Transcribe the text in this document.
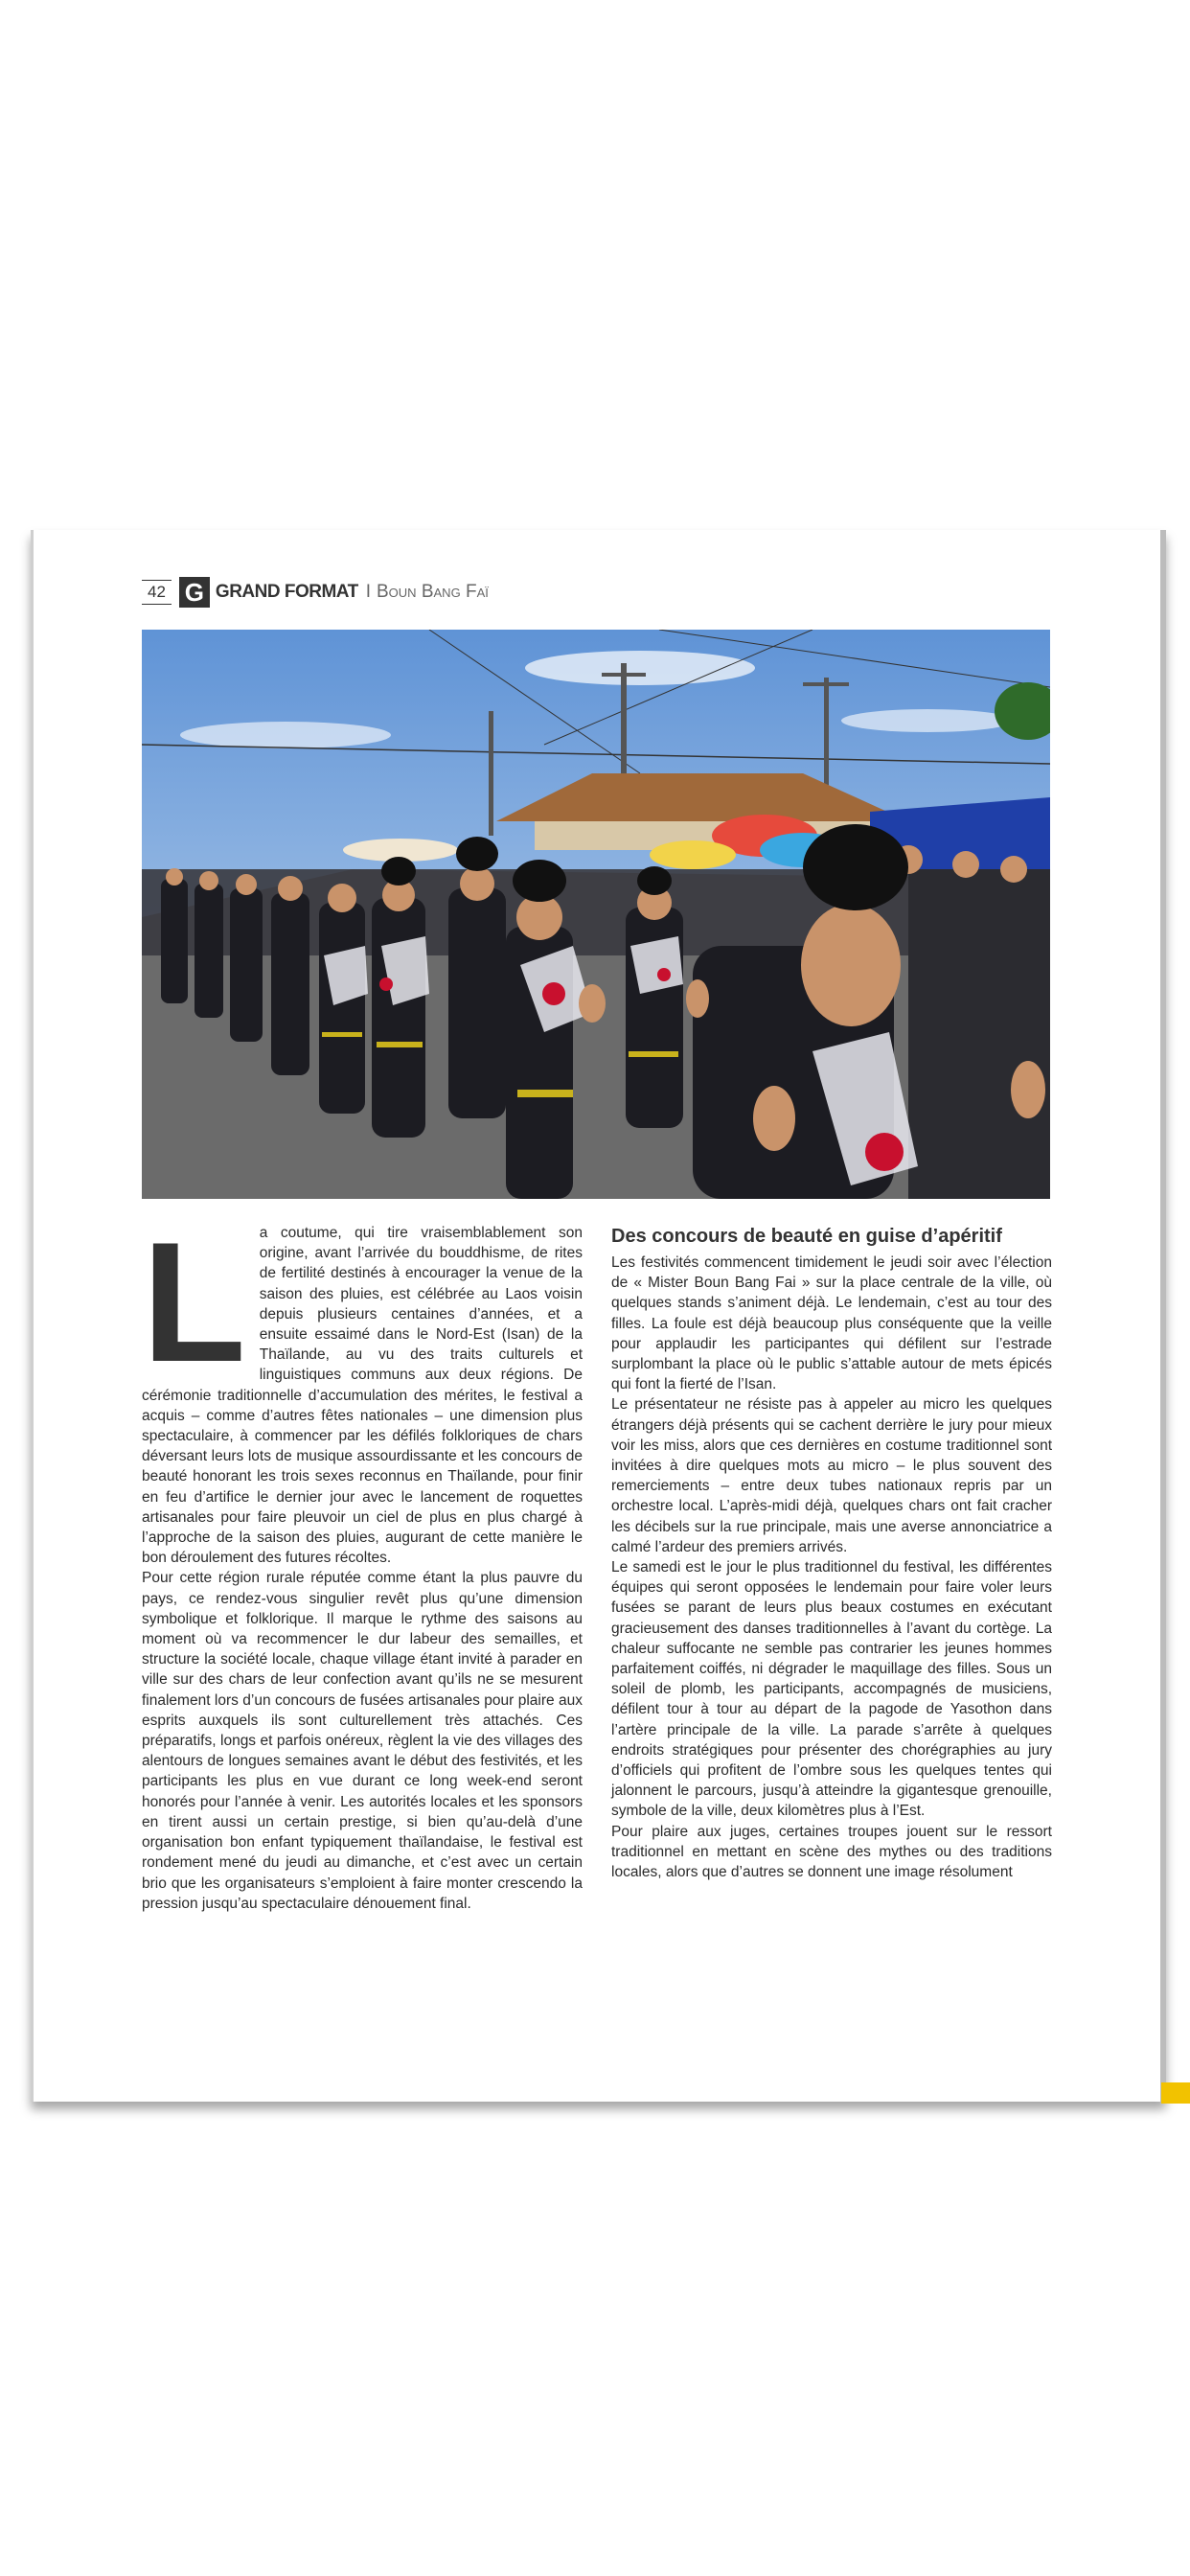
42 G GRAND FORMAT I Boun Bang Faï
L a coutume, qui tire vraisemblablement son origine, avant l’arrivée du bouddhisme, de rites de fertilité destinés à encourager la venue de la saison des pluies, est célébrée au Laos voisin depuis plusieurs centaines d’années, et a ensuite essaimé dans le Nord-Est (Isan) de la Thaïlande, au vu des traits culturels et linguistiques communs aux deux régions. De cérémonie traditionnelle d’accumulation des mérites, le festival a acquis – comme d’autres fêtes nationales – une dimension plus spectaculaire, à commencer par les défilés folkloriques de chars déversant leurs lots de musique assourdissante et les concours de beauté honorant les trois sexes reconnus en Thaïlande, pour finir en feu d’artifice le dernier jour avec le lancement de roquettes artisanales pour faire pleuvoir un ciel de plus en plus chargé à l’approche de la saison des pluies, augurant de cette manière le bon déroulement des futures récoltes.

Pour cette région rurale réputée comme étant la plus pauvre du pays, ce rendez-vous singulier revêt plus qu’une dimension symbolique et folklorique. Il marque le rythme des saisons au moment où va recommencer le dur labeur des semailles, et structure la société locale, chaque village étant invité à parader en ville sur des chars de leur confection avant qu’ils ne se mesurent finalement lors d’un concours de fusées artisanales pour plaire aux esprits auxquels ils sont culturellement très attachés. Ces préparatifs, longs et parfois onéreux, règlent la vie des villages des alentours de longues semaines avant le début des festivités, et les participants les plus en vue durant ce long week-end seront honorés pour l’année à venir. Les autorités locales et les sponsors en tirent aussi un certain prestige, si bien qu’au-delà d’une organisation bon enfant typiquement thaïlandaise, le festival est rondement mené du jeudi au dimanche, et c’est avec un certain brio que les organisateurs s’emploient à faire monter crescendo la pression jusqu’au spectaculaire dénouement final.

Des concours de beauté en guise d’apéritif

Les festivités commencent timidement le jeudi soir avec l’élection de « Mister Boun Bang Fai » sur la place centrale de la ville, où quelques stands s’animent déjà. Le lendemain, c’est au tour des filles. La foule est déjà beaucoup plus conséquente que la veille pour applaudir les participantes qui défilent sur l’estrade surplombant la place où le public s’attable autour de mets épicés qui font la fierté de l’Isan.

Le présentateur ne résiste pas à appeler au micro les quelques étrangers déjà présents qui se cachent derrière le jury pour mieux voir les miss, alors que ces dernières en costume traditionnel sont invitées à dire quelques mots au micro – le plus souvent des remerciements – entre deux tubes nationaux repris par un orchestre local. L’après-midi déjà, quelques chars ont fait cracher les décibels sur la rue principale, mais une averse annonciatrice a calmé l’ardeur des premiers arrivés.

Le samedi est le jour le plus traditionnel du festival, les différentes équipes qui seront opposées le lendemain pour faire voler leurs fusées se parant de leurs plus beaux costumes en exécutant gracieusement des danses traditionnelles à l’avant du cortège. La chaleur suffocante ne semble pas contrarier les jeunes hommes parfaitement coiffés, ni dégrader le maquillage des filles. Sous un soleil de plomb, les participants, accompagnés de musiciens, défilent tour à tour au départ de la pagode de Yasothon dans l’artère principale de la ville. La parade s’arrête à quelques endroits stratégiques pour présenter des chorégraphies au jury d’officiels qui profitent de l’ombre sous les quelques tentes qui jalonnent le parcours, jusqu’à atteindre la gigantesque grenouille, symbole de la ville, deux kilomètres plus à l’Est.

Pour plaire aux juges, certaines troupes jouent sur le ressort traditionnel en mettant en scène des mythes ou des traditions locales, alors que d’autres se donnent une image résolument
